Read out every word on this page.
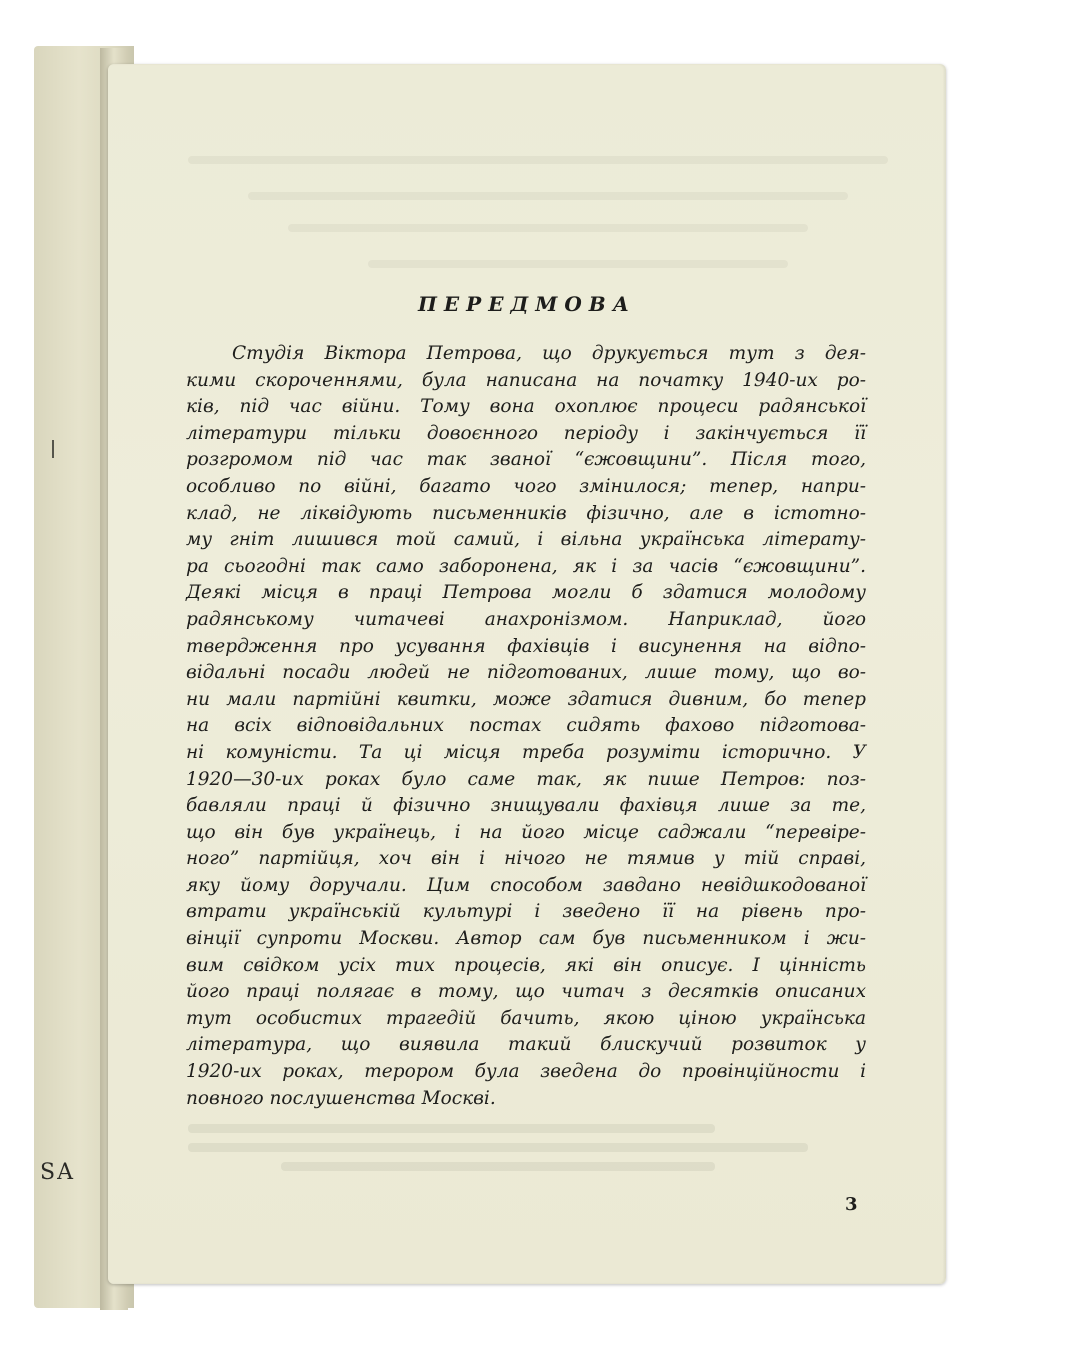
SA
ПЕРЕДМОВА
Студія Віктора Петрова, що друкується тут з дея-
кими скороченнями, була написана на початку 1940-их ро-
ків, під час війни. Тому вона охоплює процеси радянської
літератури тільки довоєнного періоду і закінчується її
розгромом під час так званої “єжовщини”. Після того,
особливо по війні, багато чого змінилося; тепер, напри-
клад, не ліквідують письменників фізично, але в істотно-
му гніт лишився той самий, і вільна українська літерату-
ра сьогодні так само заборонена, як і за часів “єжовщини”.
Деякі місця в праці Петрова могли б здатися молодому
радянському читачеві анахронізмом. Наприклад, його
твердження про усування фахівців і висунення на відпо-
відальні посади людей не підготованих, лише тому, що во-
ни мали партійні квитки, може здатися дивним, бо тепер
на всіх відповідальних постах сидять фахово підготова-
ні комуністи. Та ці місця треба розуміти історично. У
1920—30-их роках було саме так, як пише Петров: поз-
бавляли праці й фізично знищували фахівця лише за те,
що він був українець, і на його місце саджали “перевіре-
ного” партійця, хоч він і нічого не тямив у тій справі,
яку йому доручали. Цим способом завдано невідшкодованої
втрати українській культурі і зведено її на рівень про-
вінції супроти Москви. Автор сам був письменником і жи-
вим свідком усіх тих процесів, які він описує. І цінність
його праці полягає в тому, що читач з десятків описаних
тут особистих трагедій бачить, якою ціною українська
література, що виявила такий блискучий розвиток у
1920-их роках, терором була зведена до провінційности і
повного послушенства Москві.
3
